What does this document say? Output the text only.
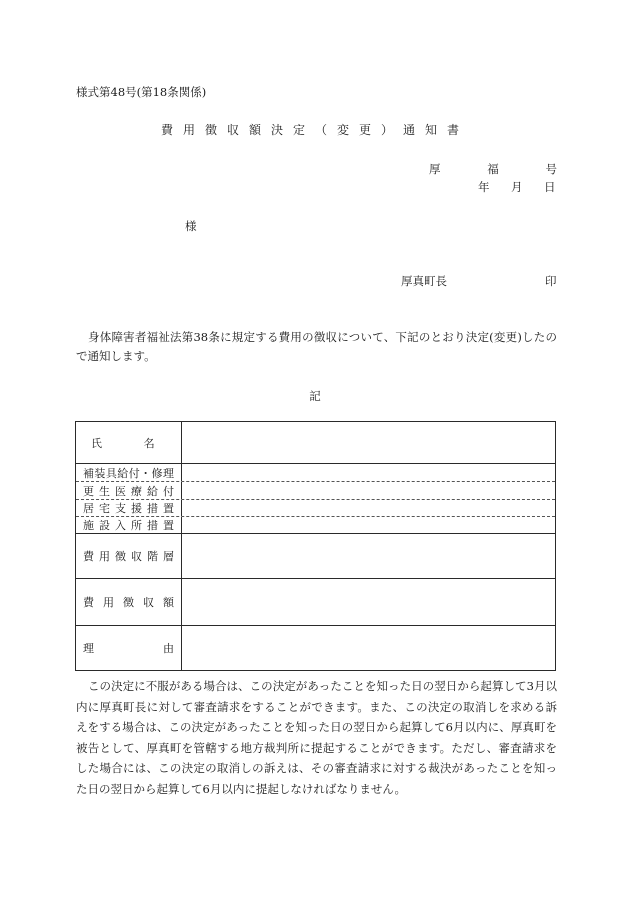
様式第48号(第18条関係)
費用徴収額決定（変更）通知書
厚　福　号
年 月 日
様
厚真町長	印
身体障害者福祉法第38条に規定する費用の徴収について、下記のとおり決定(変更)したので通知します。
記
氏　名
補装具給付・修理
更生医療給付
居宅支援措置
施設入所措置
費用徴収階層
費用徴収額
理　由
この決定に不服がある場合は、この決定があったことを知った日の翌日から起算して3月以内に厚真町長に対して審査請求をすることができます。また、この決定の取消しを求める訴えをする場合は、この決定があったことを知った日の翌日から起算して6月以内に、厚真町を被告として、厚真町を管轄する地方裁判所に提起することができます。ただし、審査請求をした場合には、この決定の取消しの訴えは、その審査請求に対する裁決があったことを知った日の翌日から起算して6月以内に提起しなければなりません。
